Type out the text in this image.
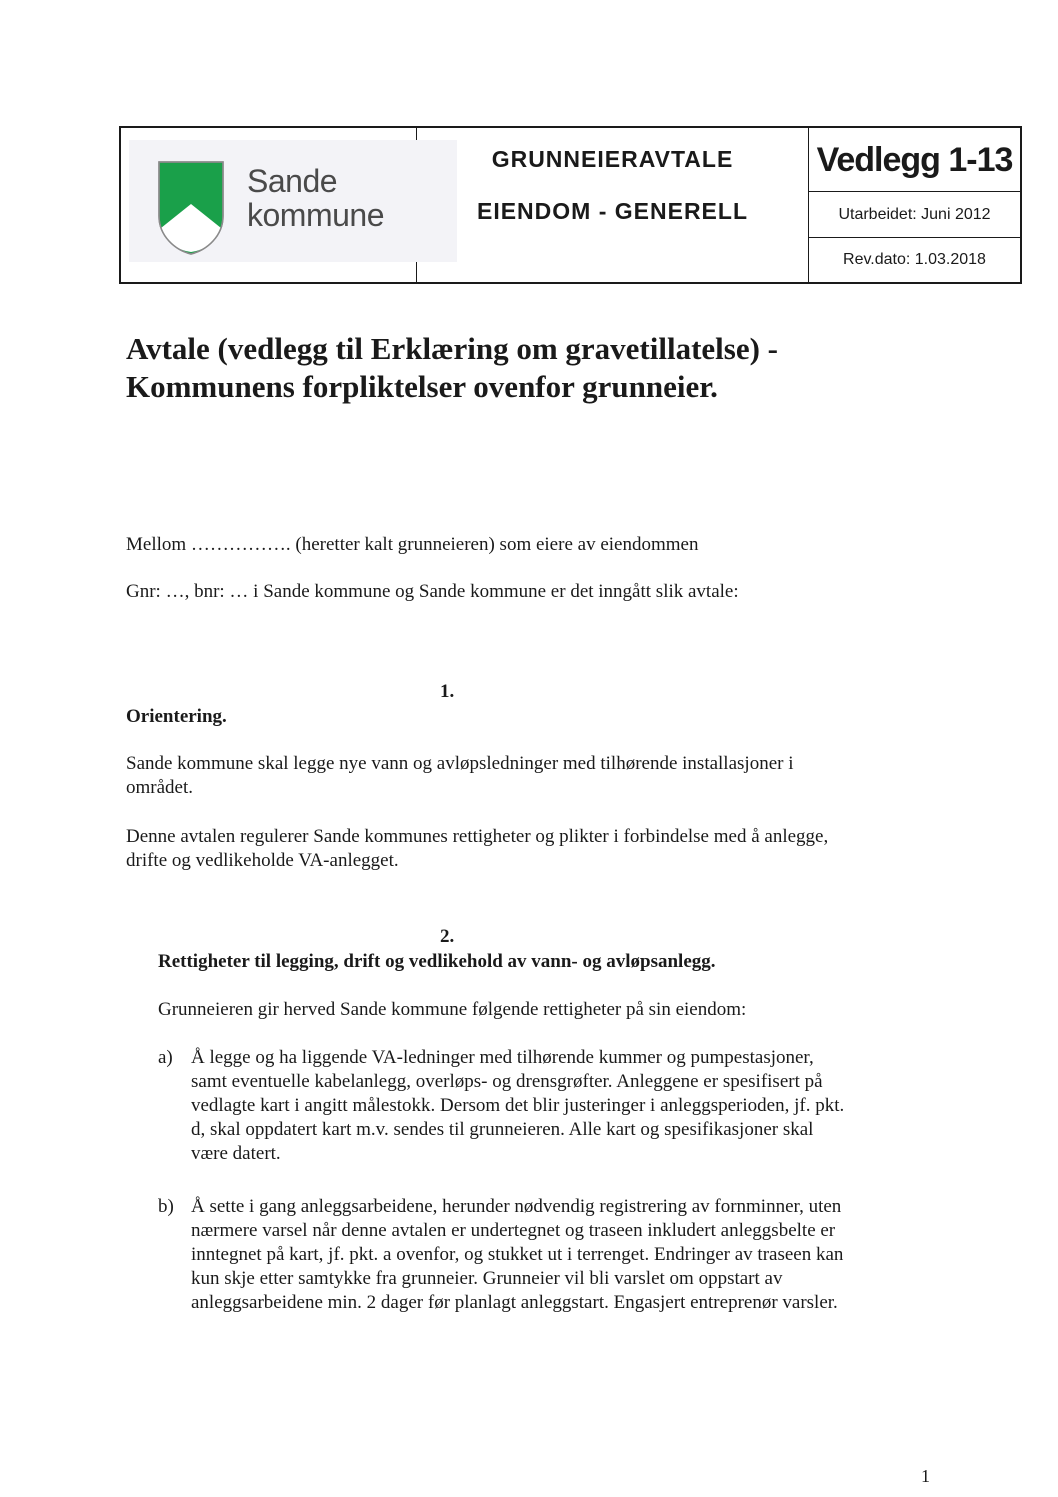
Sande
kommune
GRUNNEIERAVTALE
EIENDOM - GENERELL
Vedlegg 1-13
Utarbeidet: Juni 2012
Rev.dato: 1.03.2018
Avtale (vedlegg til Erklæring om gravetillatelse) -
Kommunens forpliktelser ovenfor grunneier.
Mellom ……………. (heretter kalt grunneieren) som eiere av eiendommen
Gnr: …, bnr: … i Sande kommune og Sande kommune er det inngått slik avtale:
1.
Orientering.
Sande kommune skal legge nye vann og avløpsledninger med tilhørende installasjoner i
området.
Denne avtalen regulerer Sande kommunes rettigheter og plikter i forbindelse med å anlegge,
drifte og vedlikeholde VA-anlegget.
2.
Rettigheter til legging, drift og vedlikehold av vann- og avløpsanlegg.
Grunneieren gir herved Sande kommune følgende rettigheter på sin eiendom:
a) Å legge og ha liggende VA-ledninger med tilhørende kummer og pumpestasjoner,
samt eventuelle kabelanlegg, overløps- og drensgrøfter. Anleggene er spesifisert på
vedlagte kart i angitt målestokk. Dersom det blir justeringer i anleggsperioden, jf. pkt.
d, skal oppdatert kart m.v. sendes til grunneieren. Alle kart og spesifikasjoner skal
være datert.
b) Å sette i gang anleggsarbeidene, herunder nødvendig registrering av fornminner, uten
nærmere varsel når denne avtalen er undertegnet og traseen inkludert anleggsbelte er
inntegnet på kart, jf. pkt. a ovenfor, og stukket ut i terrenget. Endringer av traseen kan
kun skje etter samtykke fra grunneier. Grunneier vil bli varslet om oppstart av
anleggsarbeidene min. 2 dager før planlagt anleggstart. Engasjert entreprenør varsler.
1
